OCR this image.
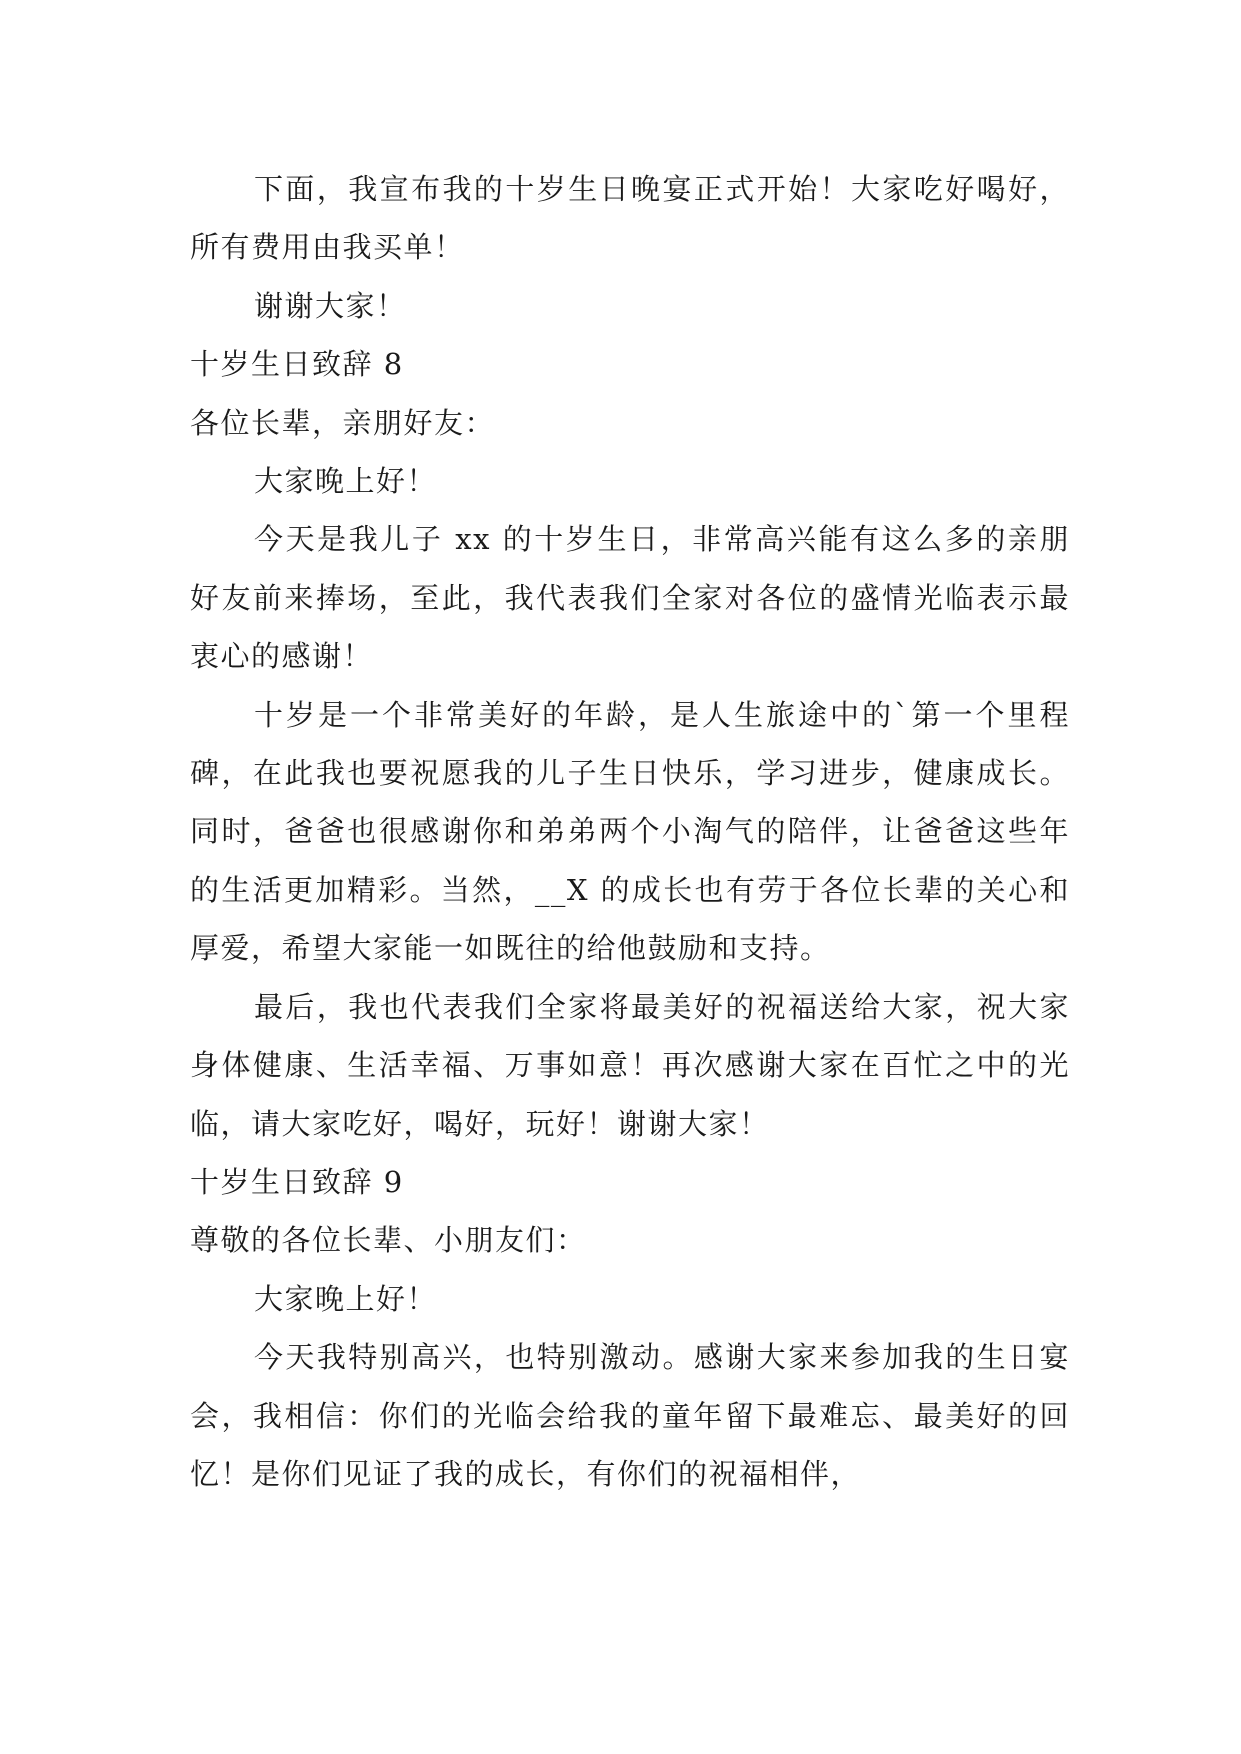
下面，我宣布我的十岁生日晚宴正式开始！大家吃好喝好，所有费用由我买单！

谢谢大家！

十岁生日致辞 8

各位长辈，亲朋好友：

大家晚上好！

今天是我儿子 xx 的十岁生日，非常高兴能有这么多的亲朋好友前来捧场，至此，我代表我们全家对各位的盛情光临表示最衷心的感谢！

十岁是一个非常美好的年龄，是人生旅途中的`第一个里程碑，在此我也要祝愿我的儿子生日快乐，学习进步，健康成长。同时，爸爸也很感谢你和弟弟两个小淘气的陪伴，让爸爸这些年的生活更加精彩。当然，__X 的成长也有劳于各位长辈的关心和厚爱，希望大家能一如既往的给他鼓励和支持。

最后，我也代表我们全家将最美好的祝福送给大家，祝大家身体健康、生活幸福、万事如意！再次感谢大家在百忙之中的光临，请大家吃好，喝好，玩好！谢谢大家！

十岁生日致辞 9

尊敬的各位长辈、小朋友们：

大家晚上好！

今天我特别高兴，也特别激动。感谢大家来参加我的生日宴会，我相信：你们的光临会给我的童年留下最难忘、最美好的回忆！是你们见证了我的成长，有你们的祝福相伴，
